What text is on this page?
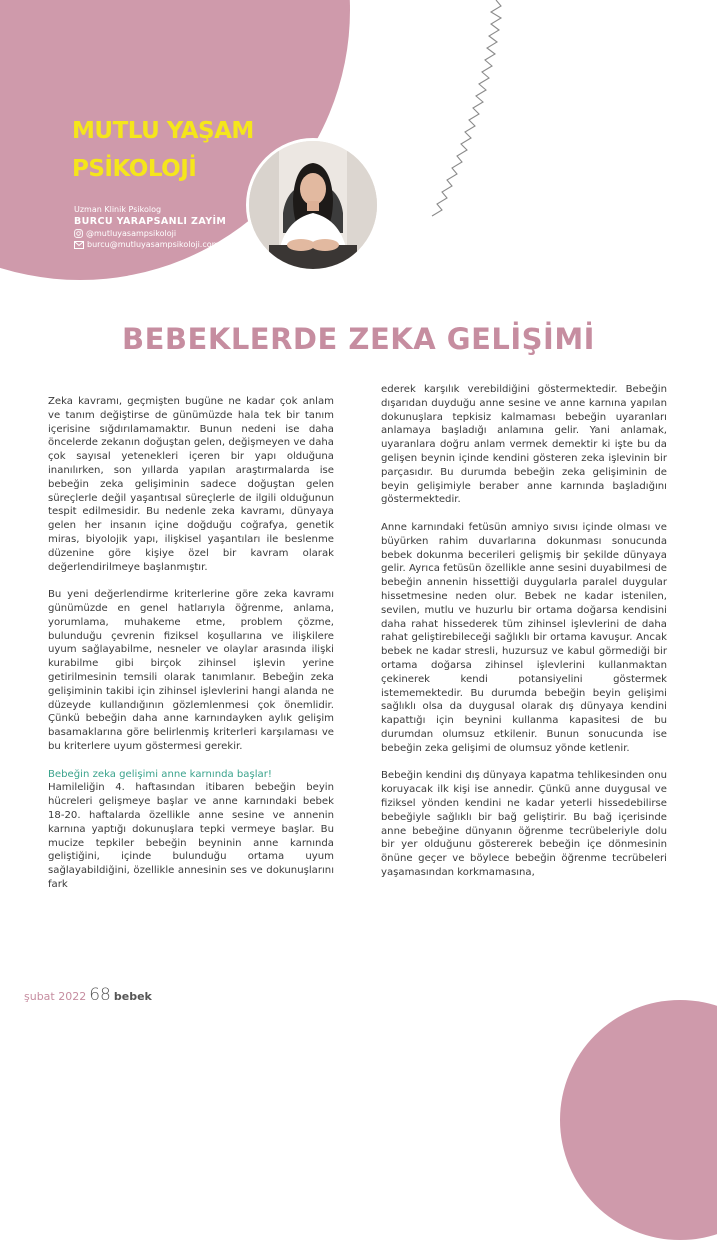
MUTLU YAŞAM
PSİKOLOJİ
Uzman Klinik Psikolog
BURCU YARAPSANLI ZAYİM
@mutluyasampsikoloji
burcu@mutluyasampsikoloji.com
BEBEKLERDE ZEKA GELİŞİMİ

Zeka kavramı, geçmişten bugüne ne kadar çok anlam ve tanım değiştirse de günümüzde hala tek bir tanım içerisine sığdırılamamaktır. Bunun nedeni ise daha öncelerde zekanın doğuştan gelen, değişmeyen ve daha çok sayısal yetenekleri içeren bir yapı olduğuna inanılırken, son yıllarda yapılan araştırmalarda ise bebeğin zeka gelişiminin sadece doğuştan gelen süreçlerle değil yaşantısal süreçlerle de ilgili olduğunun tespit edilmesidir. Bu nedenle zeka kavramı, dünyaya gelen her insanın içine doğduğu coğrafya, genetik miras, biyolojik yapı, ilişkisel yaşantıları ile beslenme düzenine göre kişiye özel bir kavram olarak değerlendirilmeye başlanmıştır.

Bu yeni değerlendirme kriterlerine göre zeka kavramı günümüzde en genel hatlarıyla öğrenme, anlama, yorumlama, muhakeme etme, problem çözme, bulunduğu çevrenin fiziksel koşullarına ve ilişkilere uyum sağlayabilme, nesneler ve olaylar arasında ilişki kurabilme gibi birçok zihinsel işlevin yerine getirilmesinin temsili olarak tanımlanır. Bebeğin zeka gelişiminin takibi için zihinsel işlevlerini hangi alanda ne düzeyde kullandığının gözlemlenmesi çok önemlidir. Çünkü bebeğin daha anne karnındayken aylık gelişim basamaklarına göre belirlenmiş kriterleri karşılaması ve bu kriterlere uyum göstermesi gerekir.

Bebeğin zeka gelişimi anne karnında başlar!

Hamileliğin 4. haftasından itibaren bebeğin beyin hücreleri gelişmeye başlar ve anne karnındaki bebek 18-20. haftalarda özellikle anne sesine ve annenin karnına yaptığı dokunuşlara tepki vermeye başlar. Bu mucize tepkiler bebeğin beyninin anne karnında geliştiğini, içinde bulunduğu ortama uyum sağlayabildiğini, özellikle annesinin ses ve dokunuşlarını fark

ederek karşılık verebildiğini göstermektedir. Bebeğin dışarıdan duyduğu anne sesine ve anne karnına yapılan dokunuşlara tepkisiz kalmaması bebeğin uyaranları anlamaya başladığı anlamına gelir. Yani anlamak, uyaranlara doğru anlam vermek demektir ki işte bu da gelişen beynin içinde kendini gösteren zeka işlevinin bir parçasıdır. Bu durumda bebeğin zeka gelişiminin de beyin gelişimiyle beraber anne karnında başladığını göstermektedir.

Anne karnındaki fetüsün amniyo sıvısı içinde olması ve büyürken rahim duvarlarına dokunması sonucunda bebek dokunma becerileri gelişmiş bir şekilde dünyaya gelir. Ayrıca fetüsün özellikle anne sesini duyabilmesi de bebeğin annenin hissettiği duygularla paralel duygular hissetmesine neden olur. Bebek ne kadar istenilen, sevilen, mutlu ve huzurlu bir ortama doğarsa kendisini daha rahat hissederek tüm zihinsel işlevlerini de daha rahat geliştirebileceği sağlıklı bir ortama kavuşur. Ancak bebek ne kadar stresli, huzursuz ve kabul görmediği bir ortama doğarsa zihinsel işlevlerini kullanmaktan çekinerek kendi potansiyelini göstermek istememektedir. Bu durumda bebeğin beyin gelişimi sağlıklı olsa da duygusal olarak dış dünyaya kendini kapattığı için beynini kullanma kapasitesi de bu durumdan olumsuz etkilenir. Bunun sonucunda ise bebeğin zeka gelişimi de olumsuz yönde ketlenir.

Bebeğin kendini dış dünyaya kapatma tehlikesinden onu koruyacak ilk kişi ise annedir. Çünkü anne duygusal ve fiziksel yönden kendini ne kadar yeterli hissedebilirse bebeğiyle sağlıklı bir bağ geliştirir. Bu bağ içerisinde anne bebeğine dünyanın öğrenme tecrübeleriyle dolu bir yer olduğunu göstererek bebeğin içe dönmesinin önüne geçer ve böylece bebeğin öğrenme tecrübeleri yaşamasından korkmamasına,

şubat 2022 68 bebek
